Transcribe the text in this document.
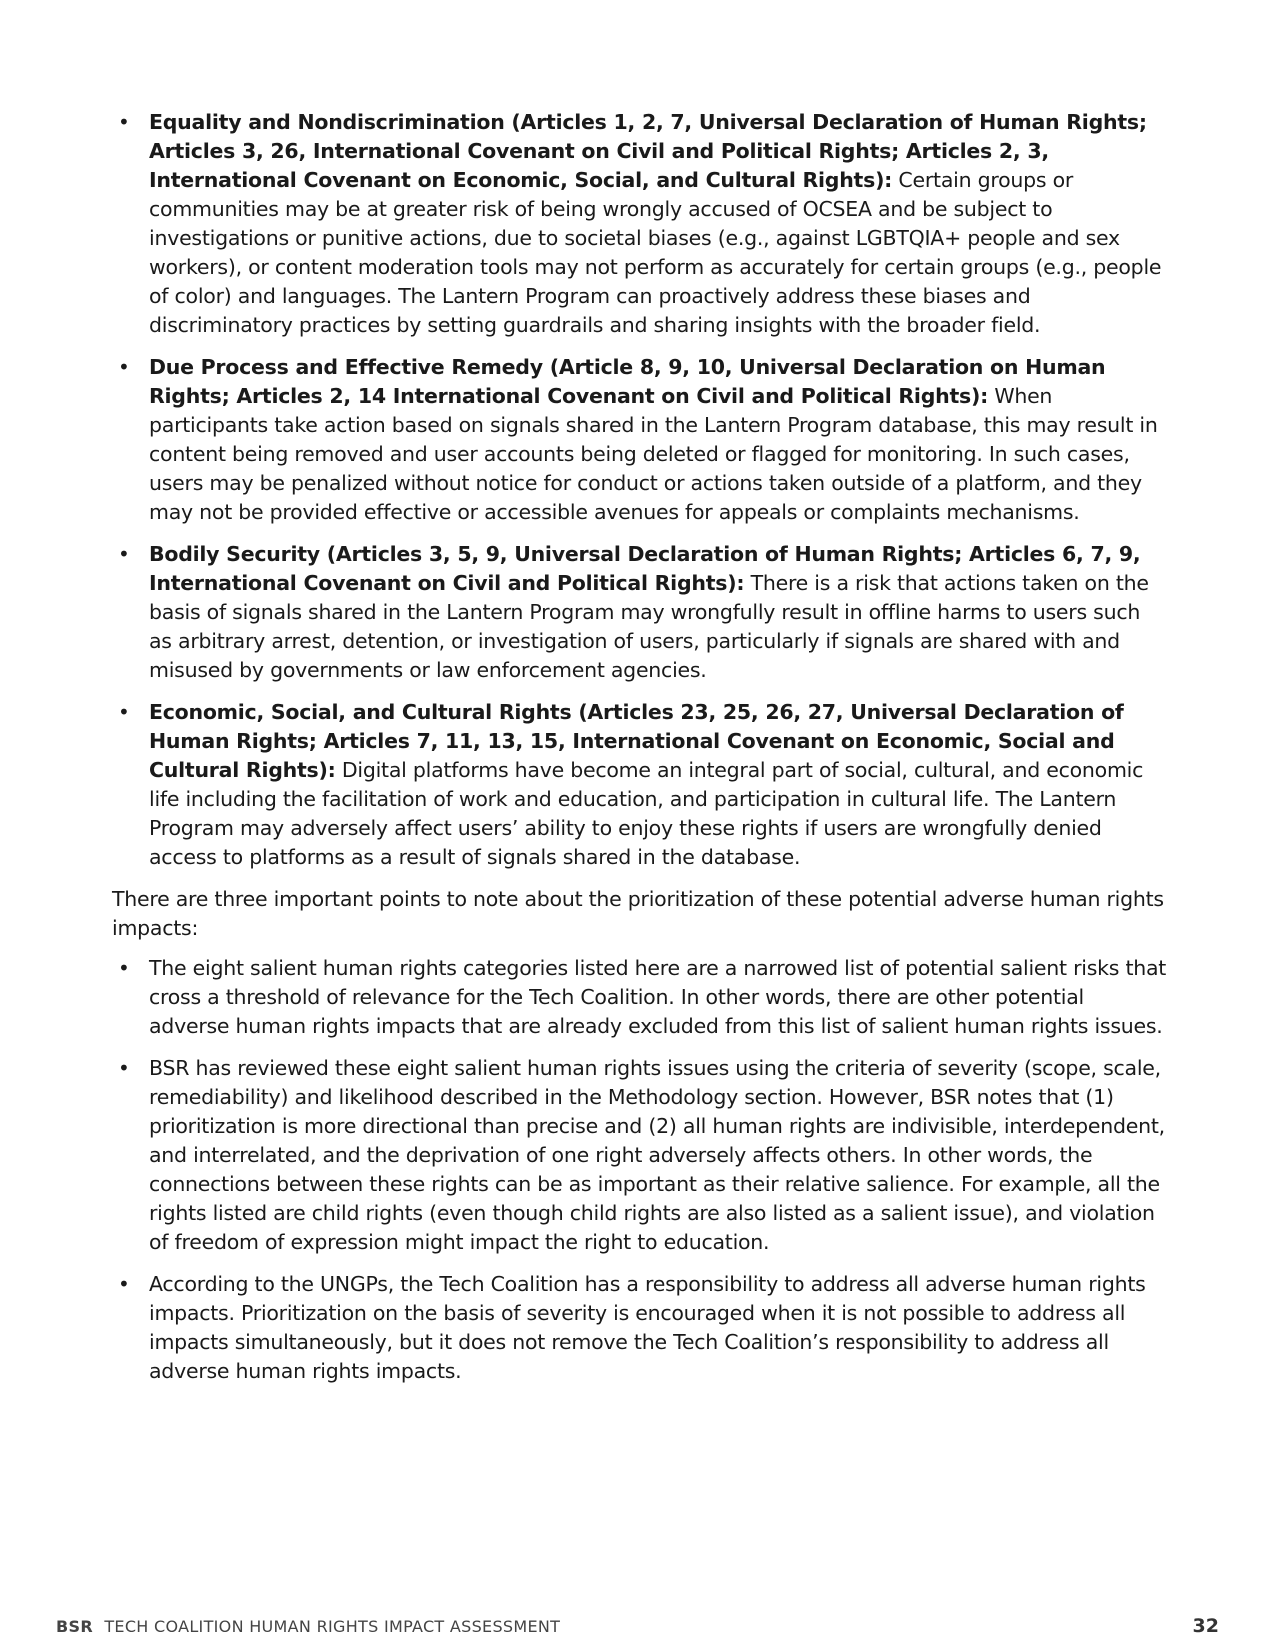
• Equality and Nondiscrimination (Articles 1, 2, 7, Universal Declaration of Human Rights; Articles 3, 26, International Covenant on Civil and Political Rights; Articles 2, 3, International Covenant on Economic, Social, and Cultural Rights): Certain groups or communities may be at greater risk of being wrongly accused of OCSEA and be subject to investigations or punitive actions, due to societal biases (e.g., against LGBTQIA+ people and sex workers), or content moderation tools may not perform as accurately for certain groups (e.g., people of color) and languages. The Lantern Program can proactively address these biases and discriminatory practices by setting guardrails and sharing insights with the broader field.
• Due Process and Effective Remedy (Article 8, 9, 10, Universal Declaration on Human Rights; Articles 2, 14 International Covenant on Civil and Political Rights): When participants take action based on signals shared in the Lantern Program database, this may result in content being removed and user accounts being deleted or flagged for monitoring. In such cases, users may be penalized without notice for conduct or actions taken outside of a platform, and they may not be provided effective or accessible avenues for appeals or complaints mechanisms.
• Bodily Security (Articles 3, 5, 9, Universal Declaration of Human Rights; Articles 6, 7, 9, International Covenant on Civil and Political Rights): There is a risk that actions taken on the basis of signals shared in the Lantern Program may wrongfully result in offline harms to users such as arbitrary arrest, detention, or investigation of users, particularly if signals are shared with and misused by governments or law enforcement agencies.
• Economic, Social, and Cultural Rights (Articles 23, 25, 26, 27, Universal Declaration of Human Rights; Articles 7, 11, 13, 15, International Covenant on Economic, Social and Cultural Rights): Digital platforms have become an integral part of social, cultural, and economic life including the facilitation of work and education, and participation in cultural life. The Lantern Program may adversely affect users’ ability to enjoy these rights if users are wrongfully denied access to platforms as a result of signals shared in the database.

There are three important points to note about the prioritization of these potential adverse human rights impacts:

• The eight salient human rights categories listed here are a narrowed list of potential salient risks that cross a threshold of relevance for the Tech Coalition. In other words, there are other potential adverse human rights impacts that are already excluded from this list of salient human rights issues.
• BSR has reviewed these eight salient human rights issues using the criteria of severity (scope, scale, remediability) and likelihood described in the Methodology section. However, BSR notes that (1) prioritization is more directional than precise and (2) all human rights are indivisible, interdependent, and interrelated, and the deprivation of one right adversely affects others. In other words, the connections between these rights can be as important as their relative salience. For example, all the rights listed are child rights (even though child rights are also listed as a salient issue), and violation of freedom of expression might impact the right to education.
• According to the UNGPs, the Tech Coalition has a responsibility to address all adverse human rights impacts. Prioritization on the basis of severity is encouraged when it is not possible to address all impacts simultaneously, but it does not remove the Tech Coalition’s responsibility to address all adverse human rights impacts.
BSR TECH COALITION HUMAN RIGHTS IMPACT ASSESSMENT	32
